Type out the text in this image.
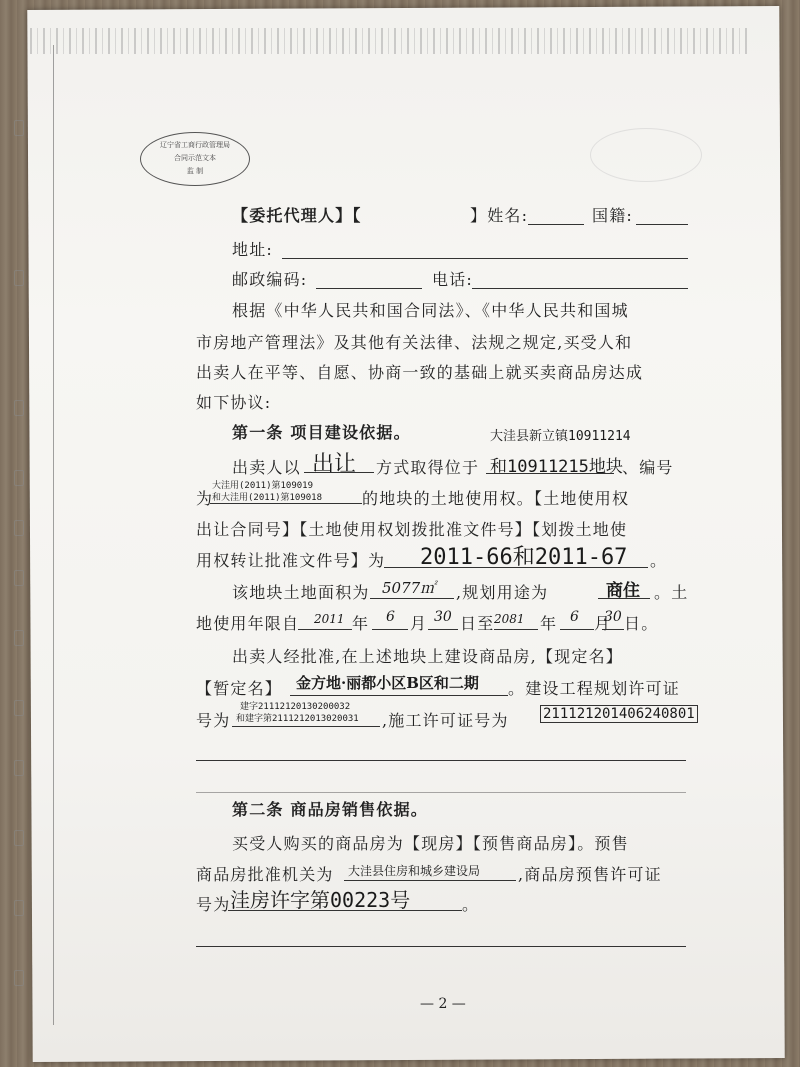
辽宁省工商行政管理局
合同示范文本
监 制
【委托代理人】【	】姓名:	国籍:
地址:
邮政编码:	电话:
根据《中华人民共和国合同法》、《中华人民共和国城
市房地产管理法》及其他有关法律、法规之规定,买受人和
出卖人在平等、自愿、协商一致的基础上就买卖商品房达成
如下协议:
第一条 项目建设依据。	大洼县新立镇10911214
出卖人以 出让 方式取得位于 和10911215地块 、编号
为
大洼用(2011)第109019
和大洼用(2011)第109018 的地块的土地使用权。【土地使用权
出让合同号】【土地使用权划拨批准文件号】【划拨土地使
用权转让批准文件号】为 2011-66和2011-67 。
该地块土地面积为 5077㎡ ,规划用途为	商住 。土
地使用年限自 2011 年 6 月 30 日至 2081 年 6 月
30 日。
出卖人经批准,在上述地块上建设商品房,【现定名】
【暂定名】 金方地·丽都小区B区和二期 。建设工程规划许可证
号为
建字21112120130200032
和建字第2111212013020031 ,施工许可证号为 211121201406240801
第二条 商品房销售依据。
买受人购买的商品房为【现房】【预售商品房】。预售
商品房批准机关为 大洼县住房和城乡建设局 ,商品房预售许可证
号为 洼房许字第00223号	。
— 2 —
